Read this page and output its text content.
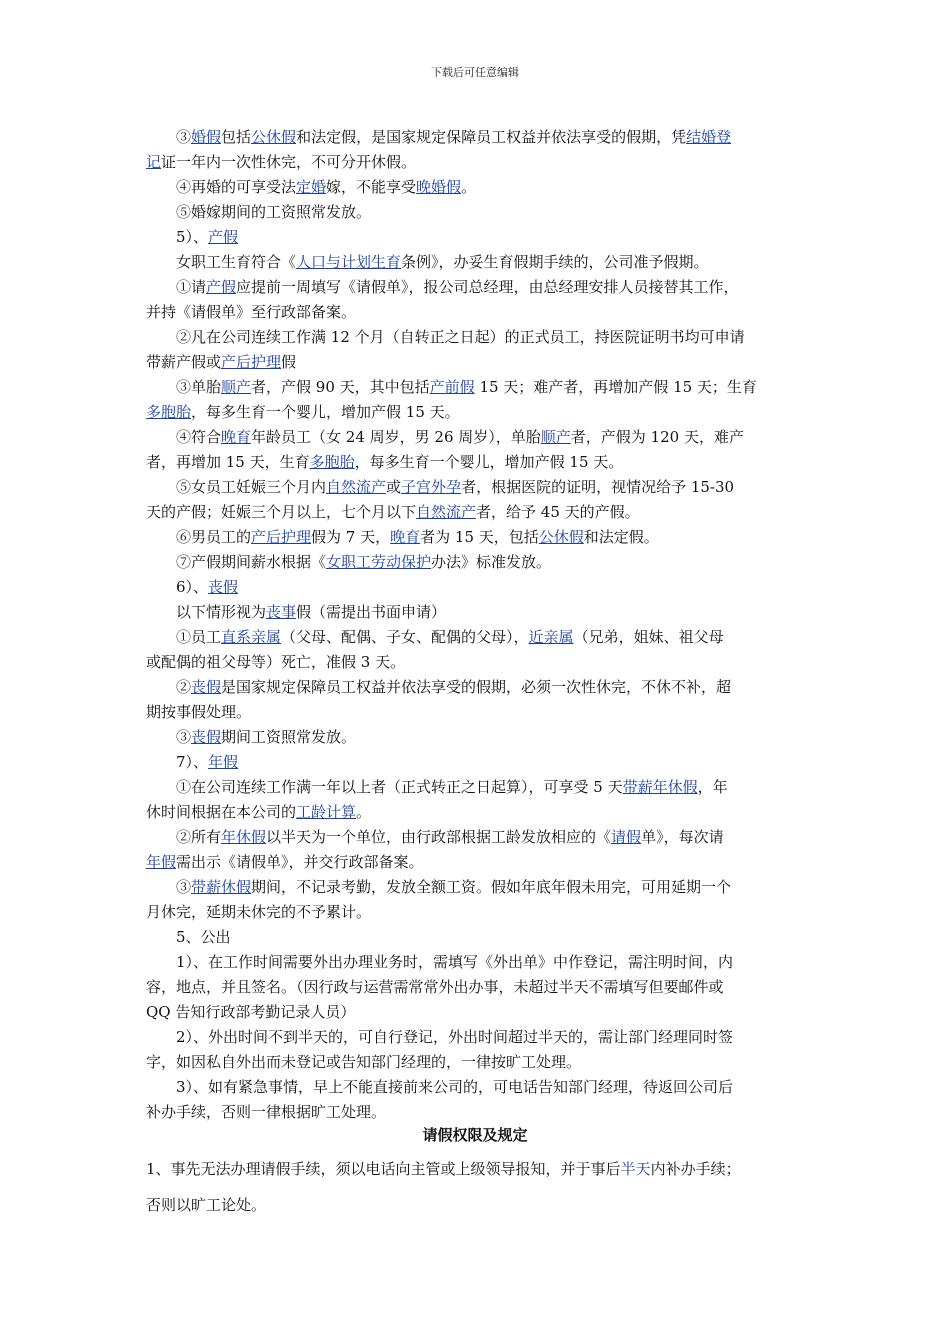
下载后可任意编辑
③婚假包括公休假和法定假，是国家规定保障员工权益并依法享受的假期，凭结婚登
记证一年内一次性休完，不可分开休假。
④再婚的可享受法定婚嫁，不能享受晚婚假。
⑤婚嫁期间的工资照常发放。
5）、产假
女职工生育符合《人口与计划生育条例》，办妥生育假期手续的，公司准予假期。
①请产假应提前一周填写《请假单》，报公司总经理，由总经理安排人员接替其工作，
并持《请假单》至行政部备案。
②凡在公司连续工作满 12 个月（自转正之日起）的正式员工，持医院证明书均可申请
带薪产假或产后护理假
③单胎顺产者，产假 90 天，其中包括产前假 15 天；难产者，再增加产假 15 天；生育
多胞胎，每多生育一个婴儿，增加产假 15 天。
④符合晚育年龄员工（女 24 周岁，男 26 周岁），单胎顺产者，产假为 120 天，难产
者，再增加 15 天，生育多胞胎，每多生育一个婴儿，增加产假 15 天。
⑤女员工妊娠三个月内自然流产或子宫外孕者，根据医院的证明，视情况给予 15-30
天的产假；妊娠三个月以上，七个月以下自然流产者，给予 45 天的产假。
⑥男员工的产后护理假为 7 天，晚育者为 15 天，包括公休假和法定假。
⑦产假期间薪水根据《女职工劳动保护办法》标准发放。
6）、丧假
以下情形视为丧事假（需提出书面申请）
①员工直系亲属（父母、配偶、子女、配偶的父母），近亲属（兄弟，姐妹、祖父母
或配偶的祖父母等）死亡，准假 3 天。
②丧假是国家规定保障员工权益并依法享受的假期，必须一次性休完，不休不补，超
期按事假处理。
③丧假期间工资照常发放。
7）、年假
①在公司连续工作满一年以上者（正式转正之日起算），可享受 5 天带薪年休假，年
休时间根据在本公司的工龄计算。
②所有年休假以半天为一个单位，由行政部根据工龄发放相应的《请假单》，每次请
年假需出示《请假单》，并交行政部备案。
③带薪休假期间，不记录考勤，发放全额工资。假如年底年假未用完，可用延期一个
月休完，延期未休完的不予累计。
5、公出
1）、在工作时间需要外出办理业务时，需填写《外出单》中作登记，需注明时间，内
容，地点，并且签名。（因行政与运营需常常外出办事，未超过半天不需填写但要邮件或
QQ 告知行政部考勤记录人员）
2）、外出时间不到半天的，可自行登记，外出时间超过半天的，需让部门经理同时签
字，如因私自外出而未登记或告知部门经理的，一律按旷工处理。
3）、如有紧急事情，早上不能直接前来公司的，可电话告知部门经理，待返回公司后
补办手续，否则一律根据旷工处理。
1、事先无法办理请假手续，须以电话向主管或上级领导报知，并于事后半天内补办手续；
否则以旷工论处。
请假权限及规定
